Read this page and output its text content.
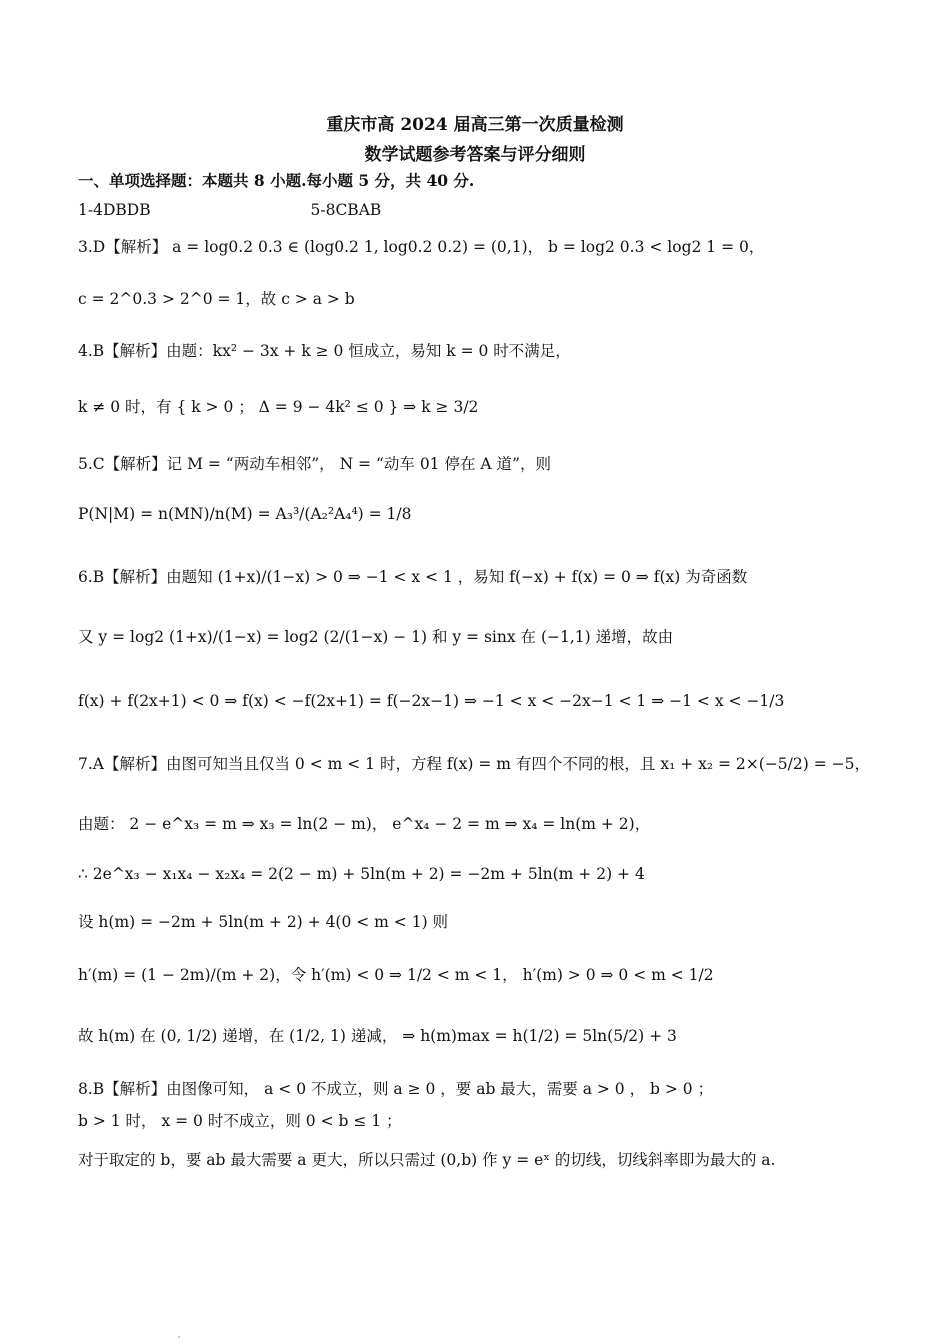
重庆市高 2024 届高三第一次质量检测
数学试题参考答案与评分细则
一、单项选择题：本题共 8 小题.每小题 5 分，共 40 分.
1-4DBDB	5-8CBAB
3.D【解析】 a = log0.2 0.3 ∈ (log0.2 1, log0.2 0.2) = (0,1)， b = log2 0.3 < log2 1 = 0，
c = 2^0.3 > 2^0 = 1，故 c > a > b
4.B【解析】由题：kx² − 3x + k ≥ 0 恒成立，易知 k = 0 时不满足，
k ≠ 0 时，有 { k > 0 ； Δ = 9 − 4k² ≤ 0 } ⇒ k ≥ 3/2
5.C【解析】记 M = “两动车相邻”， N = “动车 01 停在 A 道”，则
P(N|M) = n(MN)/n(M) = A₃³/(A₂²A₄⁴) = 1/8
6.B【解析】由题知 (1+x)/(1−x) > 0 ⇒ −1 < x < 1 ，易知 f(−x) + f(x) = 0 ⇒ f(x) 为奇函数
又 y = log2 (1+x)/(1−x) = log2 (2/(1−x) − 1) 和 y = sinx 在 (−1,1) 递增，故由
f(x) + f(2x+1) < 0 ⇒ f(x) < −f(2x+1) = f(−2x−1) ⇒ −1 < x < −2x−1 < 1 ⇒ −1 < x < −1/3
7.A【解析】由图可知当且仅当 0 < m < 1 时，方程 f(x) = m 有四个不同的根，且 x₁ + x₂ = 2×(−5/2) = −5，
由题： 2 − e^x₃ = m ⇒ x₃ = ln(2 − m)， e^x₄ − 2 = m ⇒ x₄ = ln(m + 2)，
∴ 2e^x₃ − x₁x₄ − x₂x₄ = 2(2 − m) + 5ln(m + 2) = −2m + 5ln(m + 2) + 4
设 h(m) = −2m + 5ln(m + 2) + 4(0 < m < 1) 则
h′(m) = (1 − 2m)/(m + 2)，令 h′(m) < 0 ⇒ 1/2 < m < 1， h′(m) > 0 ⇒ 0 < m < 1/2
故 h(m) 在 (0, 1/2) 递增，在 (1/2, 1) 递减， ⇒ h(m)max = h(1/2) = 5ln(5/2) + 3
8.B【解析】由图像可知， a < 0 不成立，则 a ≥ 0 ，要 ab 最大，需要 a > 0 ， b > 0 ；
b > 1 时， x = 0 时不成立，则 0 < b ≤ 1 ；
对于取定的 b，要 ab 最大需要 a 更大，所以只需过 (0,b) 作 y = eˣ 的切线，切线斜率即为最大的 a.
